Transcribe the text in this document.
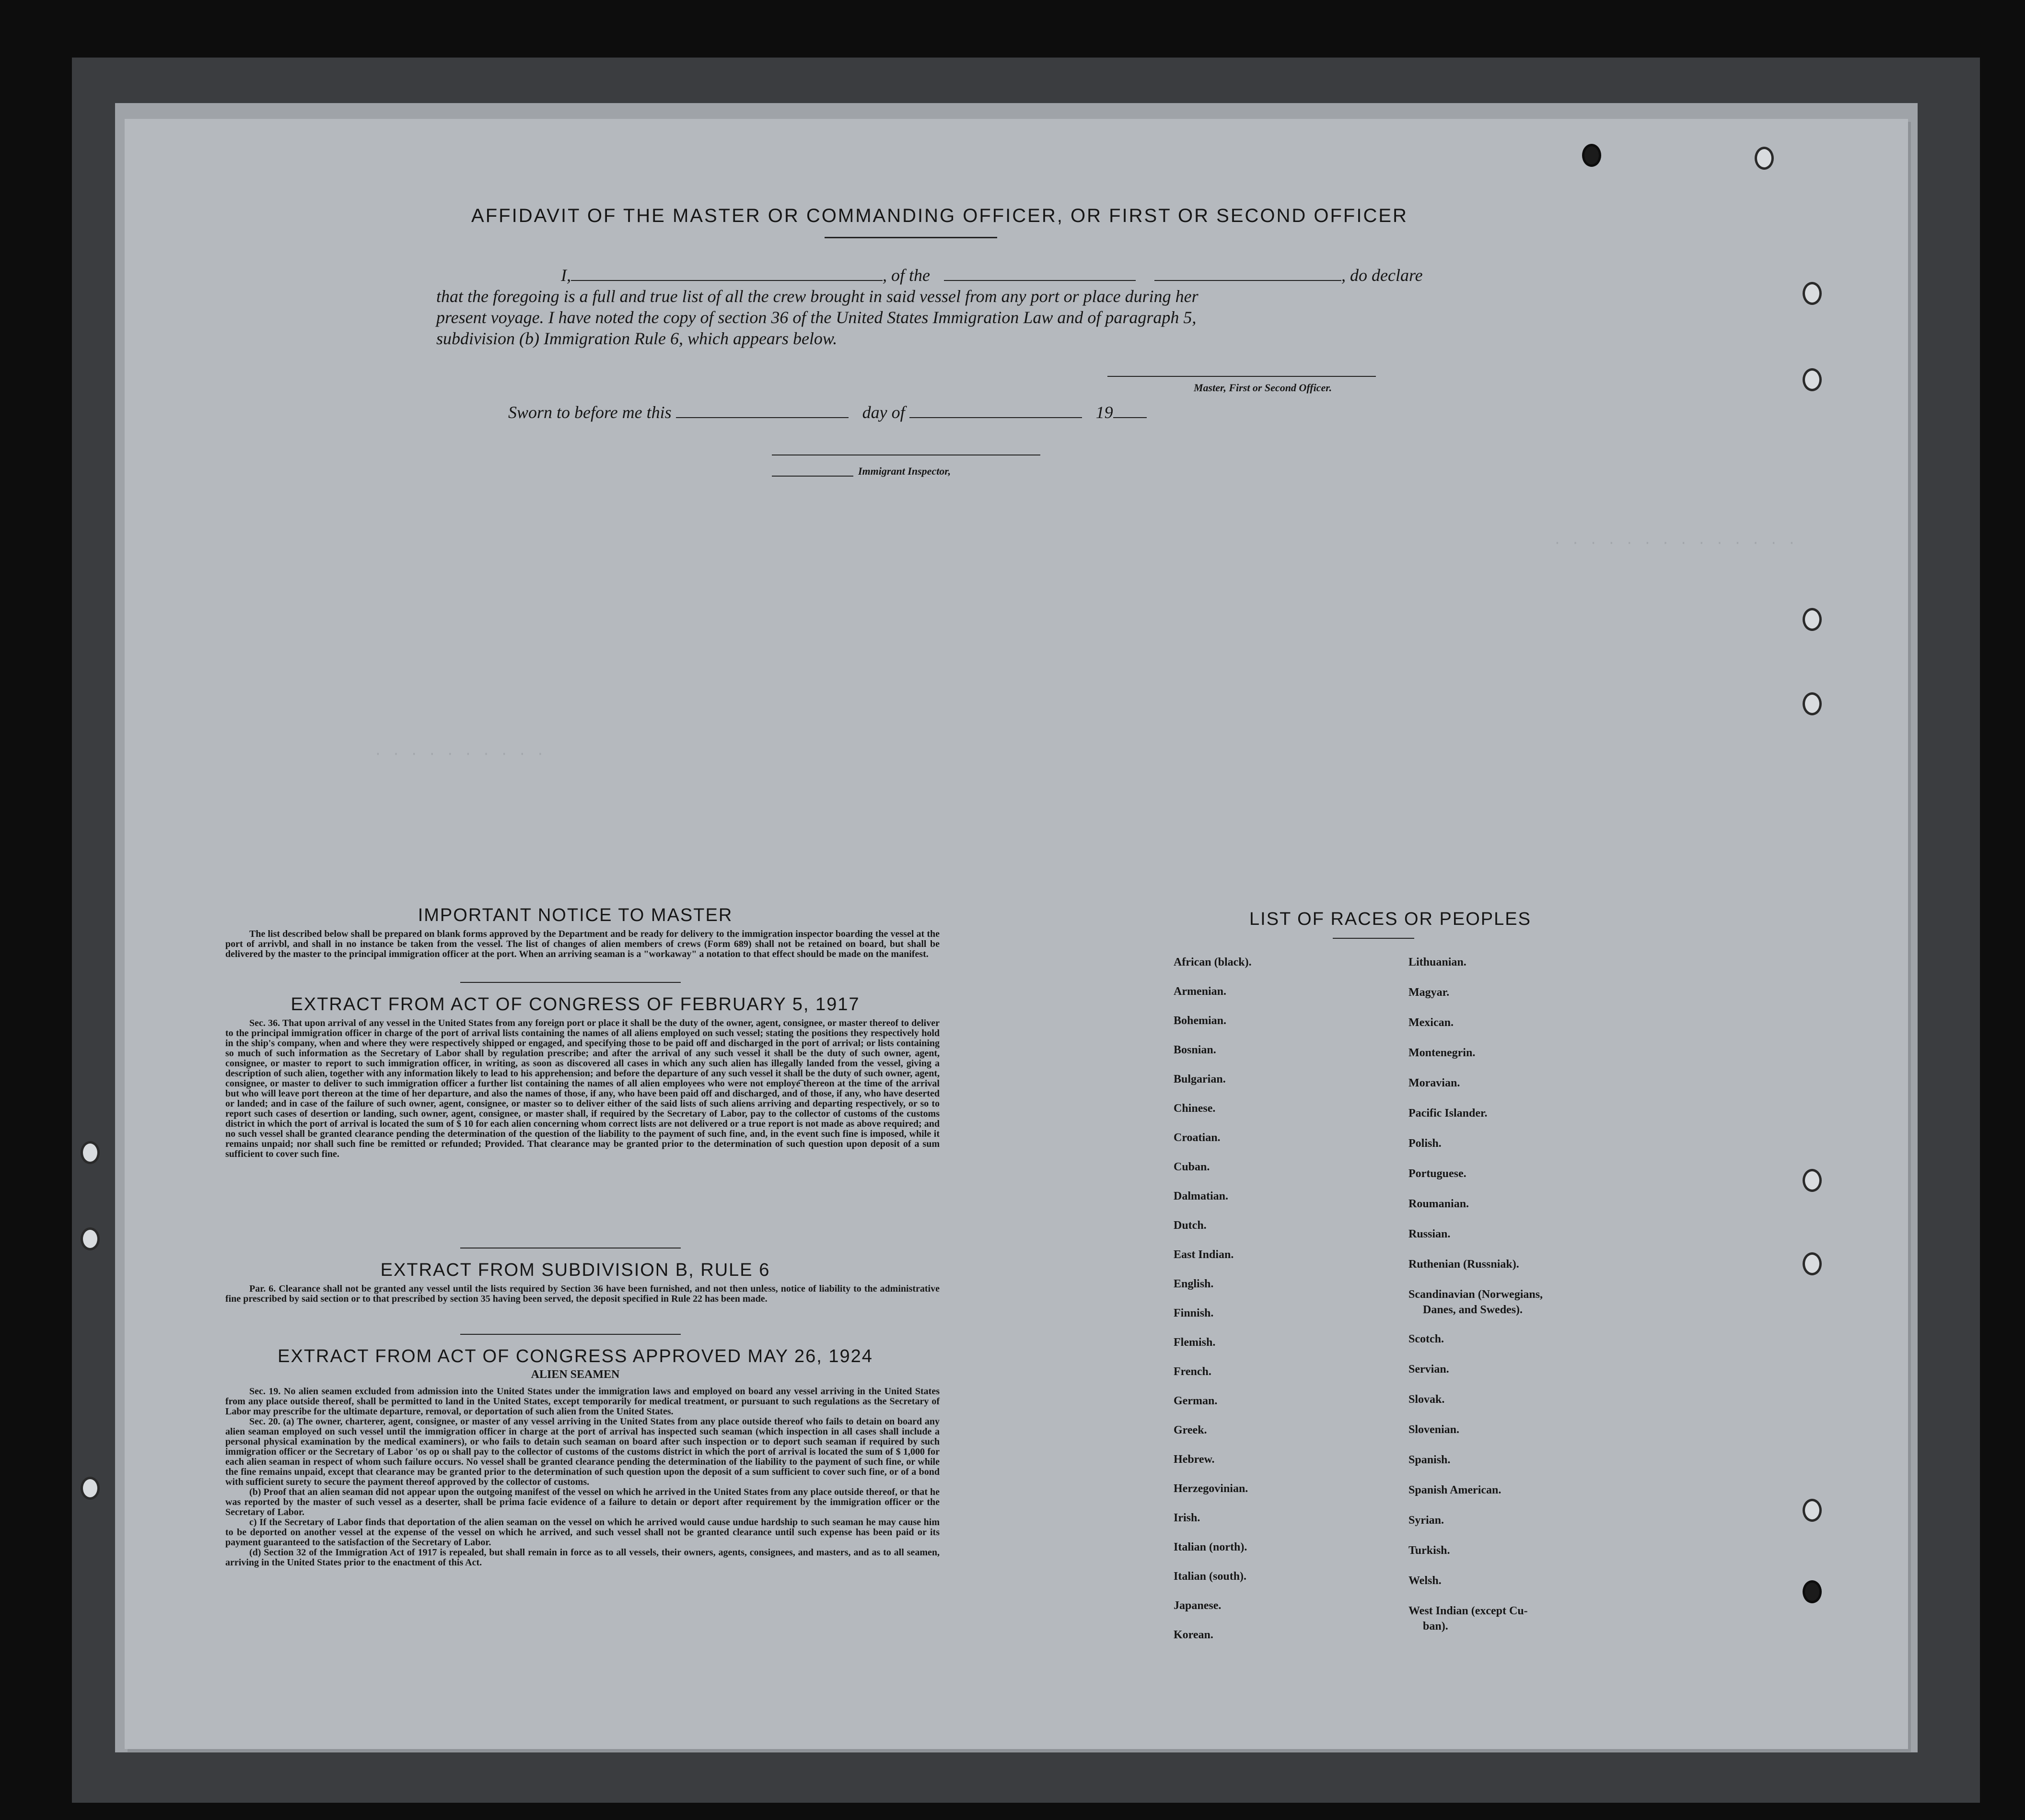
· · · · · · · · · · · · · ·
· · · · · · · · · ·
AFFIDAVIT OF THE MASTER OR COMMANDING OFFICER, OR FIRST OR SECOND OFFICER
I,	, of the	, do declare
that the foregoing is a full and true list of all the crew brought in said vessel from any port or place during her
present voyage. I have noted the copy of section 36 of the United States Immigration Law and of paragraph 5,
subdivision (b) Immigration Rule 6, which appears below.
Master, First or Second Officer.
Sworn to before me this	day of	19
Immigrant Inspector,
IMPORTANT NOTICE TO MASTER

The list described below shall be prepared on blank forms approved by the Department and be ready for delivery to the immigration inspector boarding the vessel at the port of arrivbl, and shall in no instance be taken from the vessel. The list of changes of alien members of crews (Form 689) shall not be retained on board, but shall be delivered by the master to the principal immigration officer at the port. When an arriving seaman is a "workaway" a notation to that effect should be made on the manifest.

EXTRACT FROM ACT OF CONGRESS OF FEBRUARY 5, 1917

Sec. 36. That upon arrival of any vessel in the United States from any foreign port or place it shall be the duty of the owner, agent, consignee, or master thereof to deliver to the principal immigration officer in charge of the port of arrival lists containing the names of all aliens employed on such vessel; stating the positions they respectively hold in the ship's company, when and where they were respectively shipped or engaged, and specifying those to be paid off and discharged in the port of arrival; or lists containing so much of such information as the Secretary of Labor shall by regulation prescribe; and after the arrival of any such vessel it shall be the duty of such owner, agent, consignee, or master to report to such immigration officer, in writing, as soon as discovered all cases in which any such alien has illegally landed from the vessel, giving a description of such alien, together with any information likely to lead to his apprehension; and before the departure of any such vessel it shall be the duty of such owner, agent, consignee, or master to deliver to such immigration officer a further list containing the names of all alien employees who were not employe͡ thereon at the time of the arrival but who will leave port thereon at the time of her departure, and also the names of those, if any, who have been paid off and discharged, and of those, if any, who have deserted or landed; and in case of the failure of such owner, agent, consignee, or master so to deliver either of the said lists of such aliens arriving and departing respectively, or so to report such cases of desertion or landing, such owner, agent, consignee, or master shall, if required by the Secretary of Labor, pay to the collector of customs of the customs district in which the port of arrival is located the sum of $ 10 for each alien concerning whom correct lists are not delivered or a true report is not made as above required; and no such vessel shall be granted clearance pending the determination of the question of the liability to the payment of such fine, and, in the event such fine is imposed, while it remains unpaid; nor shall such fine be remitted or refunded; Provided. That clearance may be granted prior to the determination of such question upon deposit of a sum sufficient to cover such fine.

EXTRACT FROM SUBDIVISION B, RULE 6

Par. 6. Clearance shall not be granted any vessel until the lists required by Section 36 have been furnished, and not then unless, notice of liability to the administrative fine prescribed by said section or to that prescribed by section 35 having been served, the deposit specified in Rule 22 has been made.

EXTRACT FROM ACT OF CONGRESS APPROVED MAY 26, 1924
ALIEN SEAMEN

Sec. 19. No alien seamen excluded from admission into the United States under the immigration laws and employed on board any vessel arriving in the United States from any place outside thereof, shall be permitted to land in the United States, except temporarily for medical treatment, or pursuant to such regulations as the Secretary of Labor may prescribe for the ultimate departure, removal, or deportation of such alien from the United States.

Sec. 20. (a) The owner, charterer, agent, consignee, or master of any vessel arriving in the United States from any place outside thereof who fails to detain on board any alien seaman employed on such vessel until the immigration officer in charge at the port of arrival has inspected such seaman (which inspection in all cases shall include a personal physical examination by the medical examiners), or who fails to detain such seaman on board after such inspection or to deport such seaman if required by such immigration officer or the Secretary of Labor 'os op oı shall pay to the collector of customs of the customs district in which the port of arrival is located the sum of $ 1,000 for each alien seaman in respect of whom such failure occurs. No vessel shall be granted clearance pending the determination of the liability to the payment of such fine, or while the fine remains unpaid, except that clearance may be granted prior to the determination of such question upon the deposit of a sum sufficient to cover such fine, or of a bond with sufficient surety to secure the payment thereof approved by the collector of customs.

(b) Proof that an alien seaman did not appear upon the outgoing manifest of the vessel on which he arrived in the United States from any place outside thereof, or that he was reported by the master of such vessel as a deserter, shall be prima facie evidence of a failure to detain or deport after requirement by the immigration officer or the Secretary of Labor.

c) If the Secretary of Labor finds that deportation of the alien seaman on the vessel on which he arrived would cause undue hardship to such seaman he may cause him to be deported on another vessel at the expense of the vessel on which he arrived, and such vessel shall not be granted clearance until such expense has been paid or its payment guaranteed to the satisfaction of the Secretary of Labor.

(d) Section 32 of the Immigration Act of 1917 is repealed, but shall remain in force as to all vessels, their owners, agents, consignees, and masters, and as to all seamen, arriving in the United States prior to the enactment of this Act.

LIST OF RACES OR PEOPLES
African (black).
Armenian.
Bohemian.
Bosnian.
Bulgarian.
Chinese.
Croatian.
Cuban.
Dalmatian.
Dutch.
East Indian.
English.
Finnish.
Flemish.
French.
German.
Greek.
Hebrew.
Herzegovinian.
Irish.
Italian (north).
Italian (south).
Japanese.
Korean.
Lithuanian.
Magyar.
Mexican.
Montenegrin.
Moravian.
Pacific Islander.
Polish.
Portuguese.
Roumanian.
Russian.
Ruthenian (Russniak).
Scandinavian (Norwegians,
Danes, and Swedes).
Scotch.
Servian.
Slovak.
Slovenian.
Spanish.
Spanish American.
Syrian.
Turkish.
Welsh.
West Indian (except Cu-
ban).
